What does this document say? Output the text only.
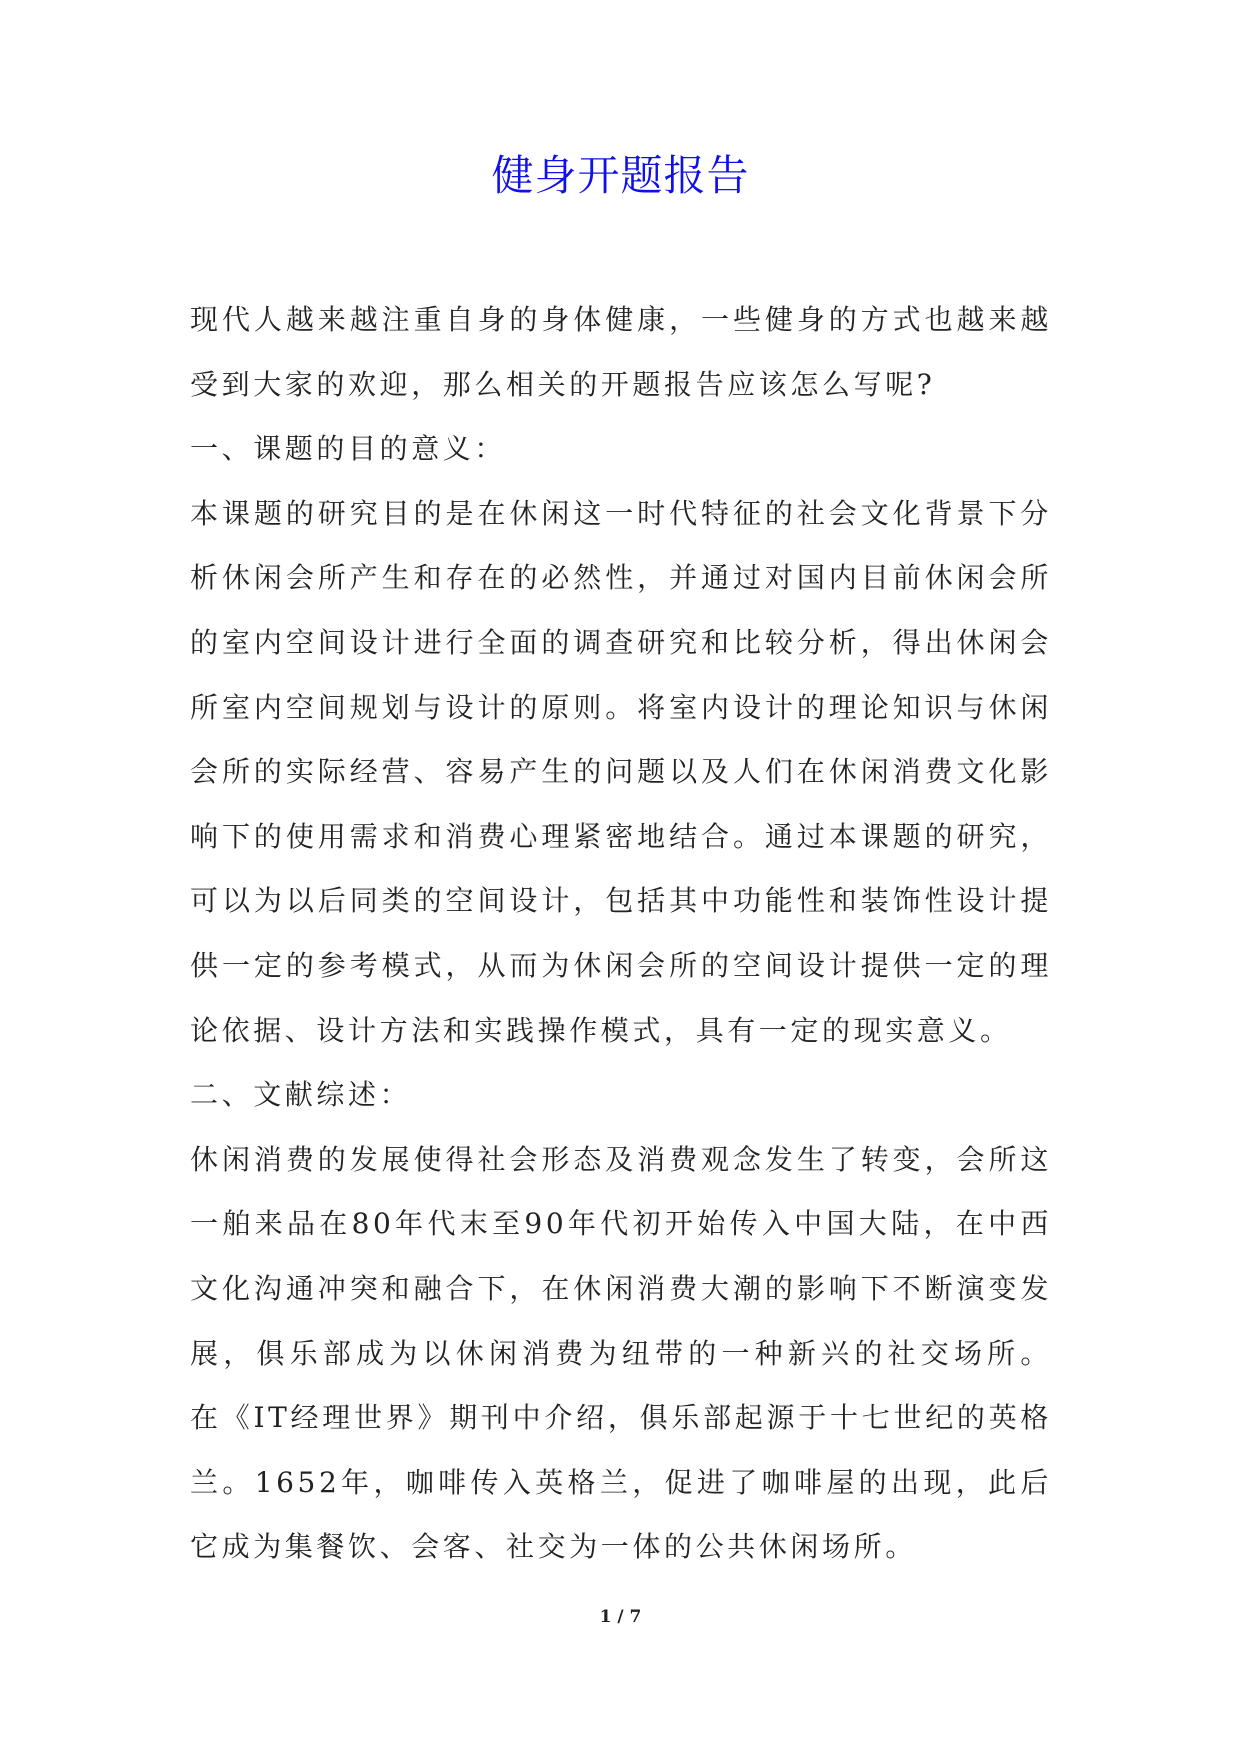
健身开题报告

现代人越来越注重自身的身体健康，一些健身的方式也越来越受到大家的欢迎，那么相关的开题报告应该怎么写呢?

一、课题的目的意义：

本课题的研究目的是在休闲这一时代特征的社会文化背景下分析休闲会所产生和存在的必然性，并通过对国内目前休闲会所的室内空间设计进行全面的调查研究和比较分析，得出休闲会所室内空间规划与设计的原则。将室内设计的理论知识与休闲会所的实际经营、容易产生的问题以及人们在休闲消费文化影响下的使用需求和消费心理紧密地结合。通过本课题的研究，可以为以后同类的空间设计，包括其中功能性和装饰性设计提供一定的参考模式，从而为休闲会所的空间设计提供一定的理论依据、设计方法和实践操作模式，具有一定的现实意义。

二、文献综述：

休闲消费的发展使得社会形态及消费观念发生了转变，会所这一舶来品在80年代末至90年代初开始传入中国大陆，在中西文化沟通冲突和融合下，在休闲消费大潮的影响下不断演变发展，俱乐部成为以休闲消费为纽带的一种新兴的社交场所。 在《IT经理世界》期刊中介绍，俱乐部起源于十七世纪的英格兰。1652年，咖啡传入英格兰，促进了咖啡屋的出现，此后它成为集餐饮、会客、社交为一体的公共休闲场所。

1 / 7
